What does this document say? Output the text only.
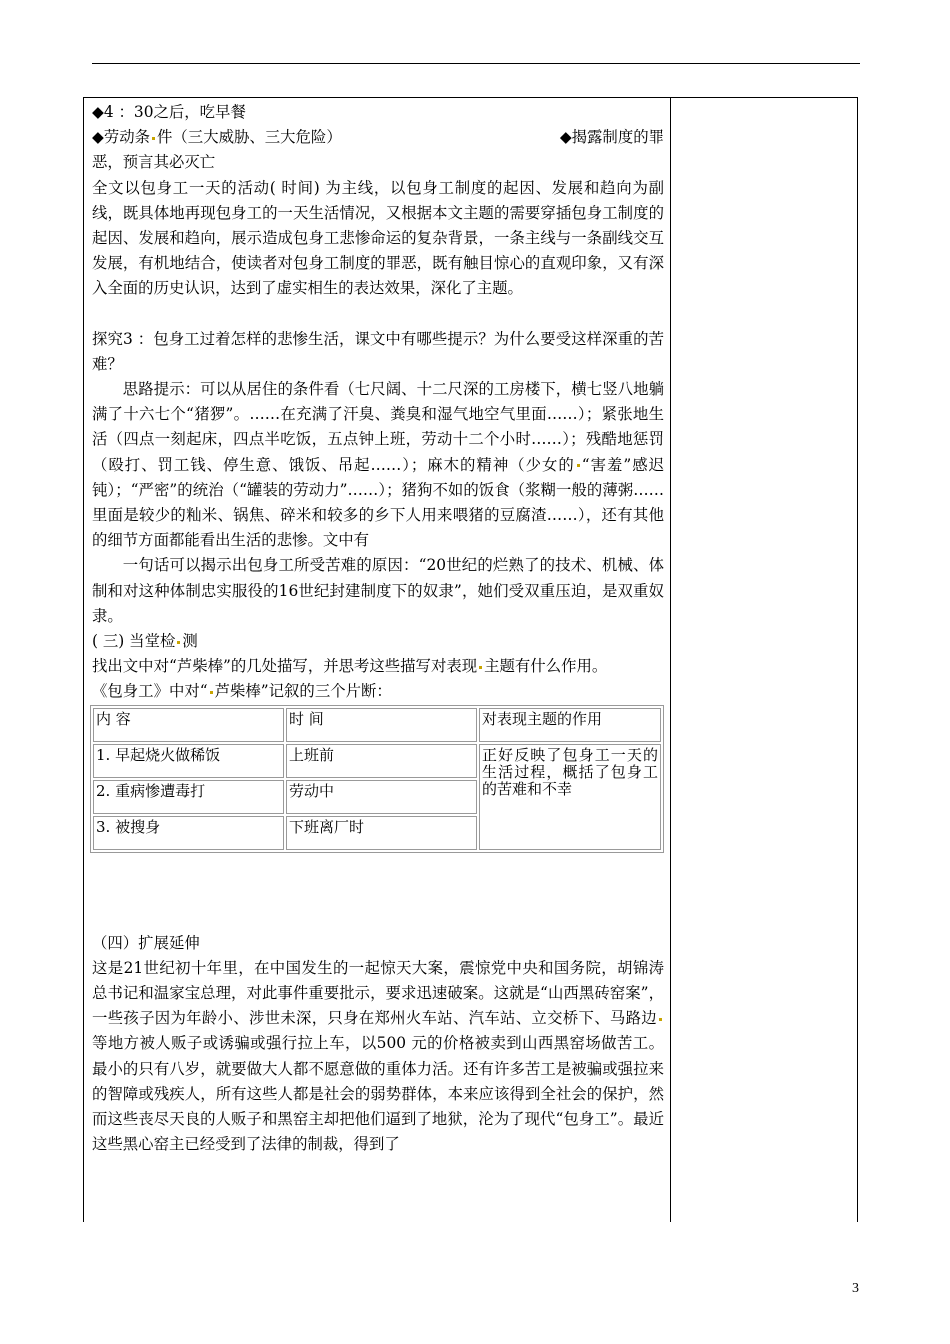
◆4 ：30之后，吃早餐

◆劳动条 件（三大威胁、三大危险）	◆揭露制度的罪

恶，预言其必灭亡

全文以包身工一天的活动( 时间) 为主线，以包身工制度的起因、发展和趋向为副线，既具体地再现包身工的一天生活情况，又根据本文主题的需要穿插包身工制度的起因、发展和趋向，展示造成包身工悲惨命运的复杂背景，一条主线与一条副线交互发展，有机地结合，使读者对包身工制度的罪恶，既有触目惊心的直观印象，又有深入全面的历史认识，达到了虚实相生的表达效果，深化了主题。

探究3 ：包身工过着怎样的悲惨生活，课文中有哪些提示？为什么要受这样深重的苦难？

思路提示：可以从居住的条件看（七尺阔、十二尺深的工房楼下，横七竖八地躺满了十六七个“猪猡”。……在充满了汗臭、粪臭和湿气地空气里面……）；紧张地生活（四点一刻起床，四点半吃饭，五点钟上班，劳动十二个小时……）；残酷地惩罚（殴打、罚工钱、停生意、饿饭、吊起……）；麻木的精神（少女的 “害羞”感迟钝）；“严密”的统治（“罐装的劳动力”……）；猪狗不如的饭食（浆糊一般的薄粥……里面是较少的籼米、锅焦、碎米和较多的乡下人用来喂猪的豆腐渣……），还有其他的细节方面都能看出生活的悲惨。文中有

一句话可以揭示出包身工所受苦难的原因：“20世纪的烂熟了的技术、机械、体制和对这种体制忠实服役的16世纪封建制度下的奴隶”，她们受双重压迫，是双重奴隶。

( 三) 当堂检 测

找出文中对“芦柴棒”的几处描写，并思考这些描写对表现 主题有什么作用。

《包身工》中对“ 芦柴棒”记叙的三个片断：

内 容	时 间	对表现主题的作用
1. 早起烧火做稀饭	上班前	正好反映了包身工一天的生活过程，概括了包身工的苦难和不幸
2. 重病惨遭毒打	劳动中	
3. 被搜身	下班离厂时	

（四）扩展延伸

这是21世纪初十年里，在中国发生的一起惊天大案，震惊党中央和国务院，胡锦涛总书记和温家宝总理，对此事件重要批示，要求迅速破案。这就是“山西黑砖窑案”，一些孩子因为年龄小、涉世未深，只身在郑州火车站、汽车站、立交桥下、马路边等地方被人贩子或诱骗或强行拉上车，以500 元的价格被卖到山西黑窑场做苦工。最小的只有八岁，就要做大人都不愿意做的重体力活。还有许多苦工是被骗或强拉来的智障或残疾人，所有这些人都是社会的弱势群体，本来应该得到全社会的保护，然而这些丧尽天良的人贩子和黑窑主却把他们逼到了地狱，沦为了现代“包身工”。最近这些黑心窑主已经受到了法律的制裁，得到了

3
